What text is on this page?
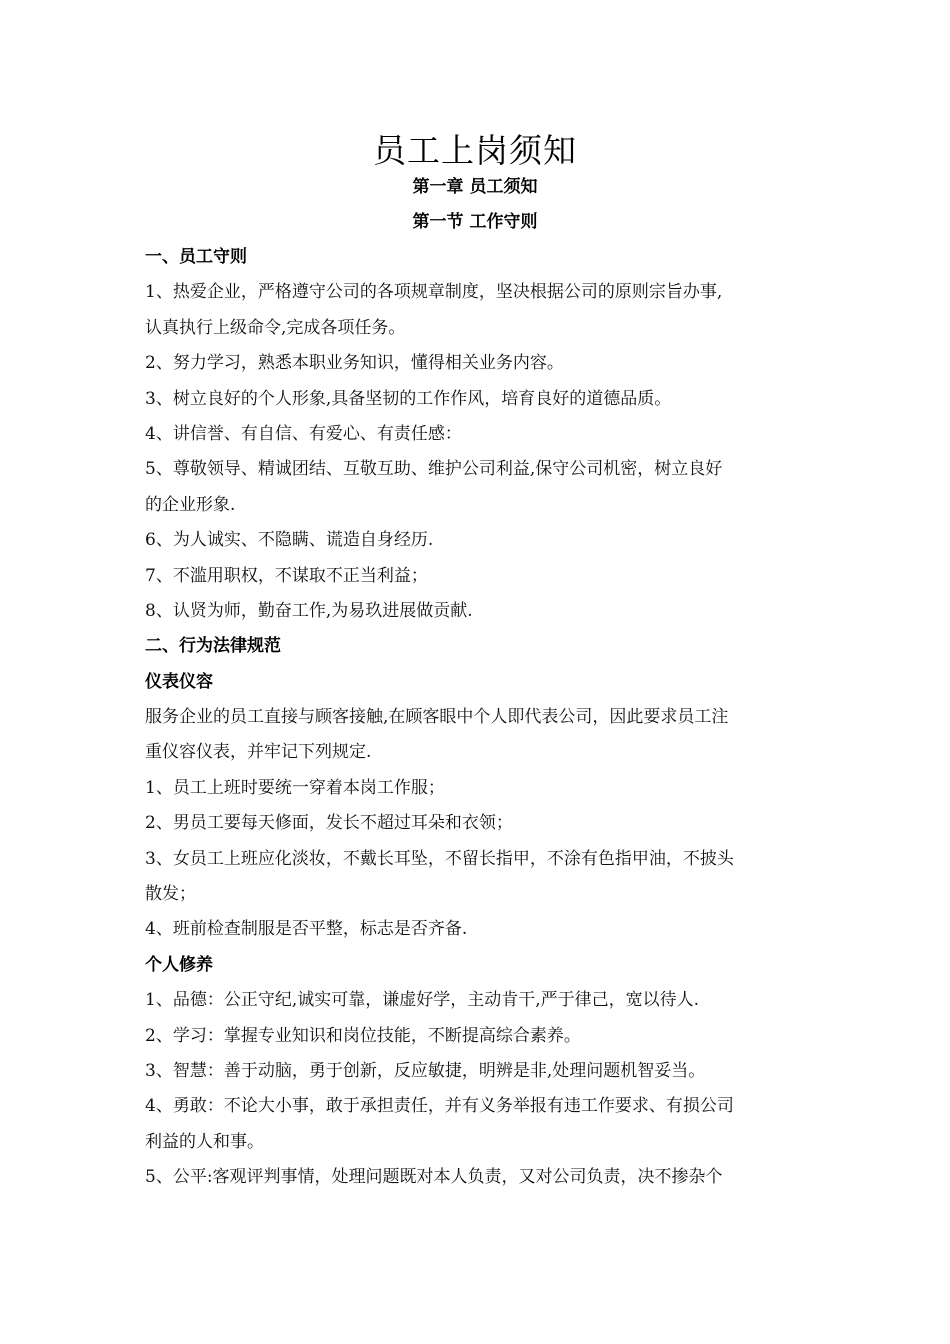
员工上岗须知
第一章 员工须知
第一节 工作守则
一、员工守则
1、热爱企业，严格遵守公司的各项规章制度，坚决根据公司的原则宗旨办事,
认真执行上级命令,完成各项任务。
2、努力学习，熟悉本职业务知识，懂得相关业务内容。
3、树立良好的个人形象,具备坚韧的工作作风，培育良好的道德品质。
4、讲信誉、有自信、有爱心、有责任感：
5、尊敬领导、精诚团结、互敬互助、维护公司利益,保守公司机密，树立良好
的企业形象.
6、为人诚实、不隐瞒、谎造自身经历.
7、不滥用职权，不谋取不正当利益；
8、认贤为师，勤奋工作,为易玖进展做贡献.
二、行为法律规范
仪表仪容
服务企业的员工直接与顾客接触,在顾客眼中个人即代表公司，因此要求员工注
重仪容仪表，并牢记下列规定.
1、员工上班时要统一穿着本岗工作服；
2、男员工要每天修面，发长不超过耳朵和衣领；
3、女员工上班应化淡妆，不戴长耳坠，不留长指甲，不涂有色指甲油，不披头
散发；
4、班前检查制服是否平整，标志是否齐备.
个人修养
1、品德：公正守纪,诚实可靠，谦虚好学，主动肯干,严于律己，宽以待人.
2、学习：掌握专业知识和岗位技能，不断提高综合素养。
3、智慧：善于动脑，勇于创新，反应敏捷，明辨是非,处理问题机智妥当。
4、勇敢：不论大小事，敢于承担责任，并有义务举报有违工作要求、有损公司
利益的人和事。
5、公平:客观评判事情，处理问题既对本人负责，又对公司负责，决不掺杂个
